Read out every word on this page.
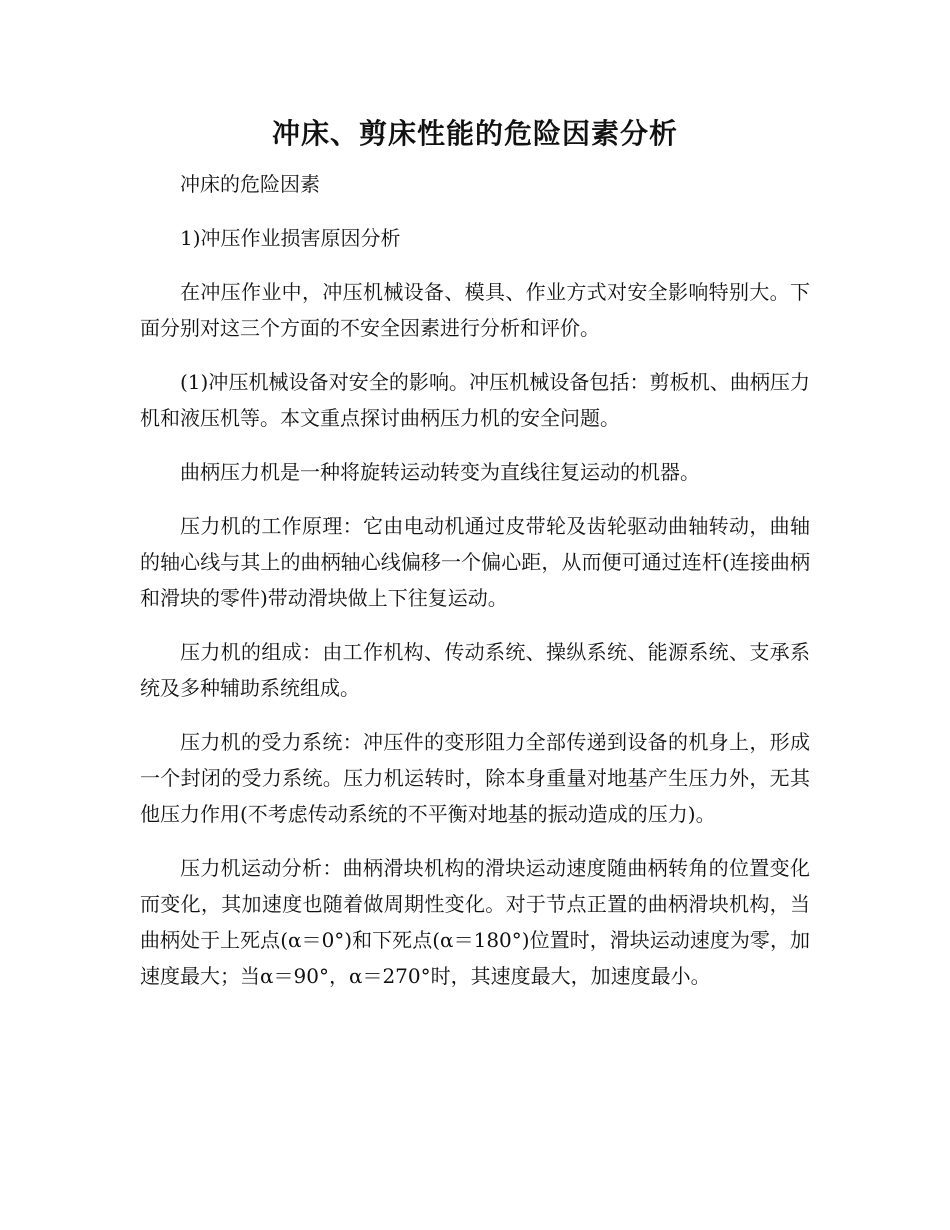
冲床、剪床性能的危险因素分析

冲床的危险因素

1)冲压作业损害原因分析

在冲压作业中，冲压机械设备、模具、作业方式对安全影响特别大。下面分别对这三个方面的不安全因素进行分析和评价。

(1)冲压机械设备对安全的影响。冲压机械设备包括：剪板机、曲柄压力机和液压机等。本文重点探讨曲柄压力机的安全问题。

曲柄压力机是一种将旋转运动转变为直线往复运动的机器。

压力机的工作原理：它由电动机通过皮带轮及齿轮驱动曲轴转动，曲轴的轴心线与其上的曲柄轴心线偏移一个偏心距，从而便可通过连杆(连接曲柄和滑块的零件)带动滑块做上下往复运动。

压力机的组成：由工作机构、传动系统、操纵系统、能源系统、支承系统及多种辅助系统组成。

压力机的受力系统：冲压件的变形阻力全部传递到设备的机身上，形成一个封闭的受力系统。压力机运转时，除本身重量对地基产生压力外，无其他压力作用(不考虑传动系统的不平衡对地基的振动造成的压力)。

压力机运动分析：曲柄滑块机构的滑块运动速度随曲柄转角的位置变化而变化，其加速度也随着做周期性变化。对于节点正置的曲柄滑块机构，当曲柄处于上死点(α＝0°)和下死点(α＝180°)位置时，滑块运动速度为零，加速度最大；当α＝90°，α＝270°时，其速度最大，加速度最小。
